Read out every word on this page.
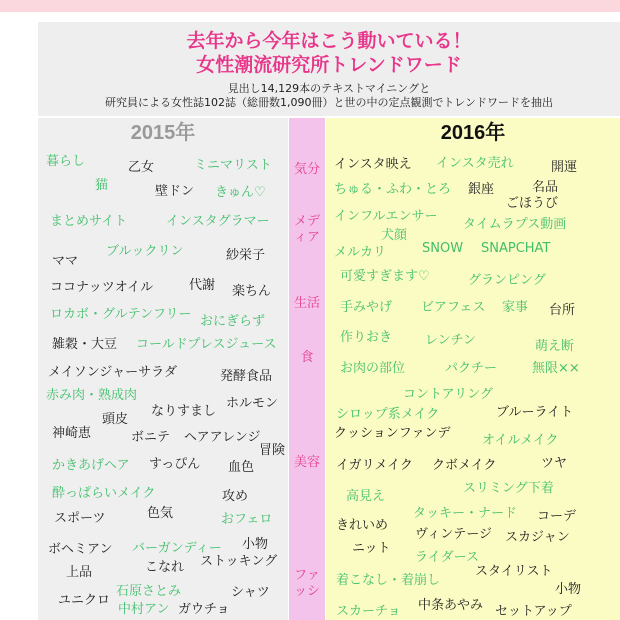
去年から今年はこう動いている！
女性潮流研究所トレンドワード
見出し14,129本のテキストマイニングと
研究員による女性誌102誌（総冊数1,090冊）と世の中の定点観測でトレンドワードを抽出
2015年	2016年
気分
メディア
生活
食
美容
ファッシ
暮らし	乙女	ミニマリスト
猫	壁ドン きゅん♡
まとめサイト	インスタグラマー
ブルックリン
ママ	紗栄子
ココナッツオイル	代謝 楽ちん
ロカボ・グルテンフリー おにぎらず
雑穀・大豆 コールドプレスジュース
メイソンジャーサラダ	発酵食品
赤み肉・熟成肉
ホルモン
なりすまし
頭皮
神崎恵	ボニテ ヘアアレンジ
冒険
かきあげヘア すっぴん 血色
酔っぱらいメイク	攻め
色気
スポーツ	おフェロ
ボヘミアン バーガンディー 小物
上品	こなれ ストッキング
石原さとみ	シャツ
ユニクロ
中村アン ガウチョ
インスタ映え インスタ売れ	開運
ちゅる・ふわ・とろ 銀座	名品
ごほうび
インフルエンサー
タイムラプス動画
犬顔
メルカリ	SNOW SNAPCHAT
可愛すぎます♡	グランピング
手みやげ ビアフェス 家事 台所
作りおき	レンチン	萌え断
お肉の部位	パクチー	無限××
コントアリング
シロップ系メイク	ブルーライト
クッションファンデ オイルメイク
イガリメイク クボメイク	ツヤ
高見え
スリミング下着
きれいめ
タッキー・ナード コーデ
ヴィンテージ スカジャン
ニット
ライダース
スタイリスト
着こなし・着崩し
小物
スカーチョ 中条あやみ セットアップ
